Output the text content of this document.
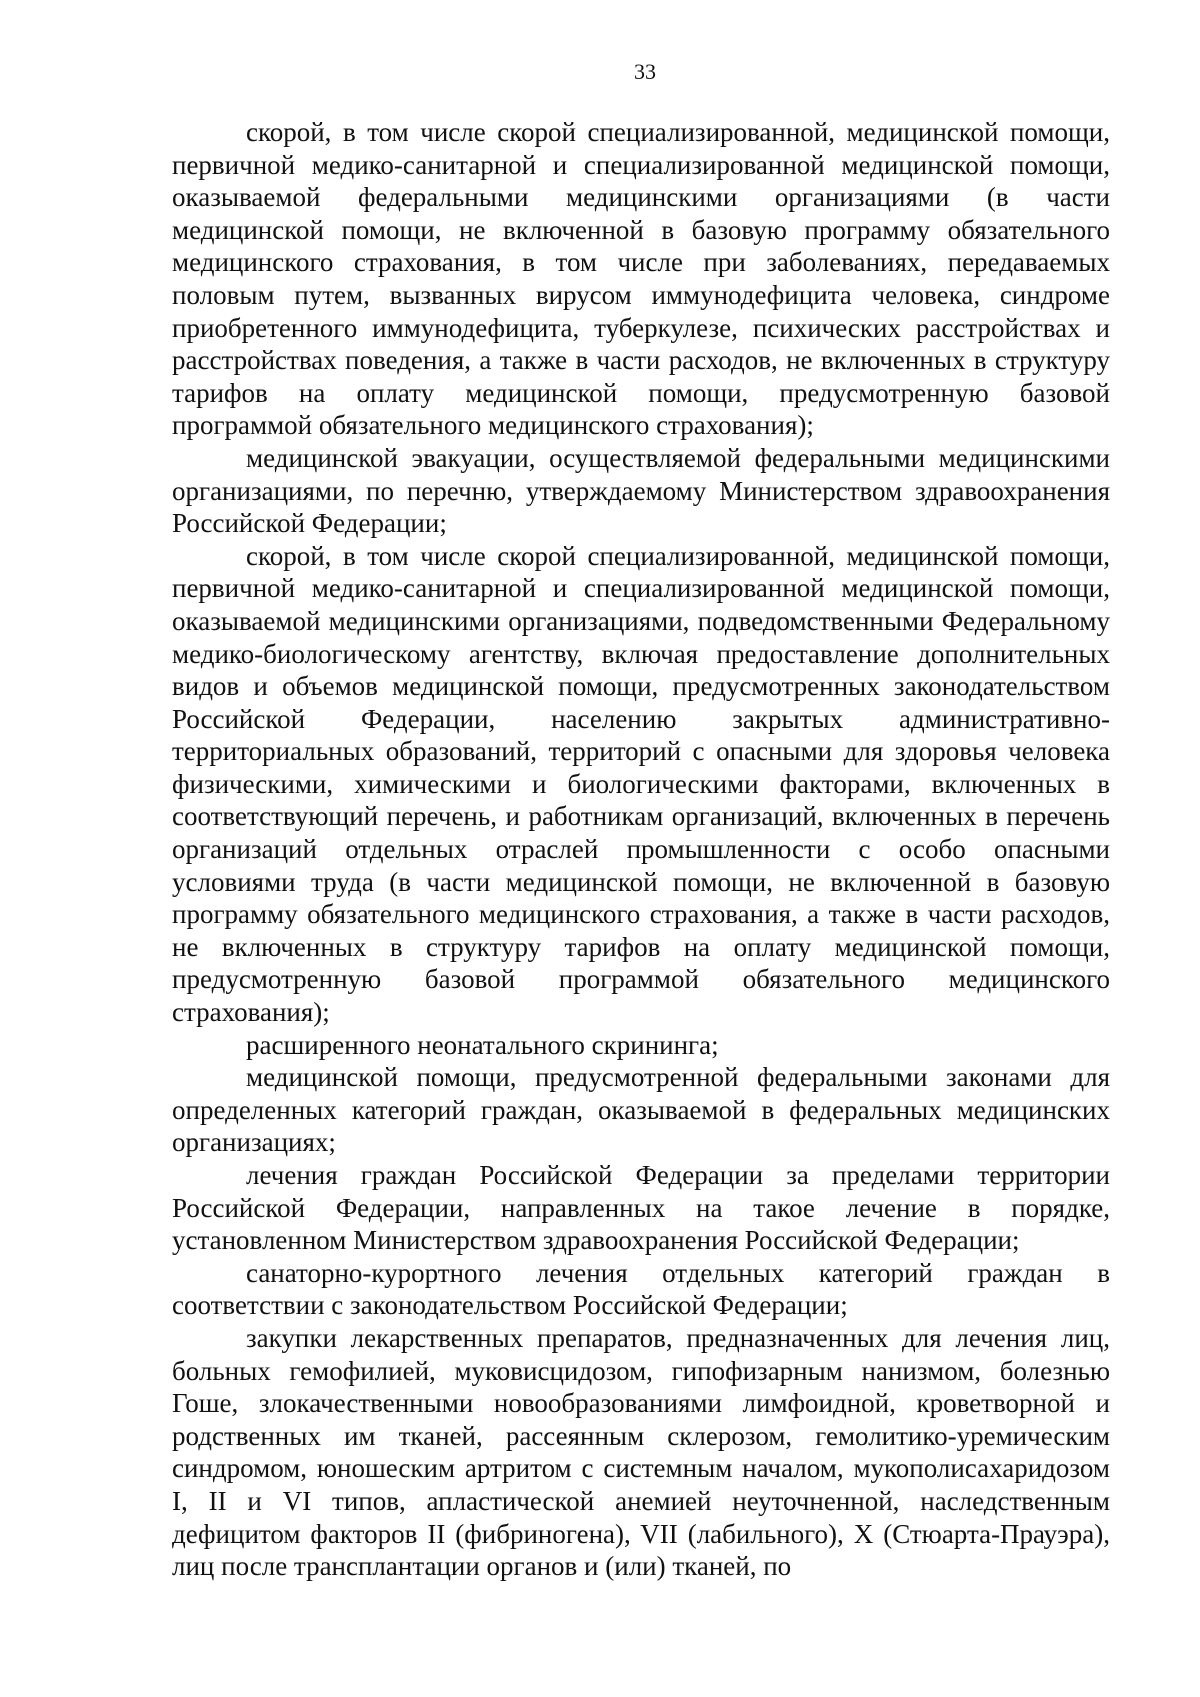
33

скорой, в том числе скорой специализированной, медицинской помощи, первичной медико-санитарной и специализированной медицинской помощи, оказываемой федеральными медицинскими организациями (в части медицинской помощи, не включенной в базовую программу обязательного медицинского страхования, в том числе при заболеваниях, передаваемых половым путем, вызванных вирусом иммунодефицита человека, синдроме приобретенного иммунодефицита, туберкулезе, психических расстройствах и расстройствах поведения, а также в части расходов, не включенных в структуру тарифов на оплату медицинской помощи, предусмотренную базовой программой обязательного медицинского страхования);

медицинской эвакуации, осуществляемой федеральными медицинскими организациями, по перечню, утверждаемому Министерством здравоохранения Российской Федерации;

скорой, в том числе скорой специализированной, медицинской помощи, первичной медико-санитарной и специализированной медицинской помощи, оказываемой медицинскими организациями, подведомственными Федеральному медико-биологическому агентству, включая предоставление дополнительных видов и объемов медицинской помощи, предусмотренных законодательством Российской Федерации, населению закрытых административно-территориальных образований, территорий с опасными для здоровья человека физическими, химическими и биологическими факторами, включенных в соответствующий перечень, и работникам организаций, включенных в перечень организаций отдельных отраслей промышленности с особо опасными условиями труда (в части медицинской помощи, не включенной в базовую программу обязательного медицинского страхования, а также в части расходов, не включенных в структуру тарифов на оплату медицинской помощи, предусмотренную базовой программой обязательного медицинского страхования);

расширенного неонатального скрининга;

медицинской помощи, предусмотренной федеральными законами для определенных категорий граждан, оказываемой в федеральных медицинских организациях;

лечения граждан Российской Федерации за пределами территории Российской Федерации, направленных на такое лечение в порядке, установленном Министерством здравоохранения Российской Федерации;

санаторно-курортного лечения отдельных категорий граждан в соответствии с законодательством Российской Федерации;

закупки лекарственных препаратов, предназначенных для лечения лиц, больных гемофилией, муковисцидозом, гипофизарным нанизмом, болезнью Гоше, злокачественными новообразованиями лимфоидной, кроветворной и родственных им тканей, рассеянным склерозом, гемолитико-уремическим синдромом, юношеским артритом с системным началом, мукополисахаридозом I, II и VI типов, апластической анемией неуточненной, наследственным дефицитом факторов II (фибриногена), VII (лабильного), X (Стюарта-Прауэра), лиц после трансплантации органов и (или) тканей, по
